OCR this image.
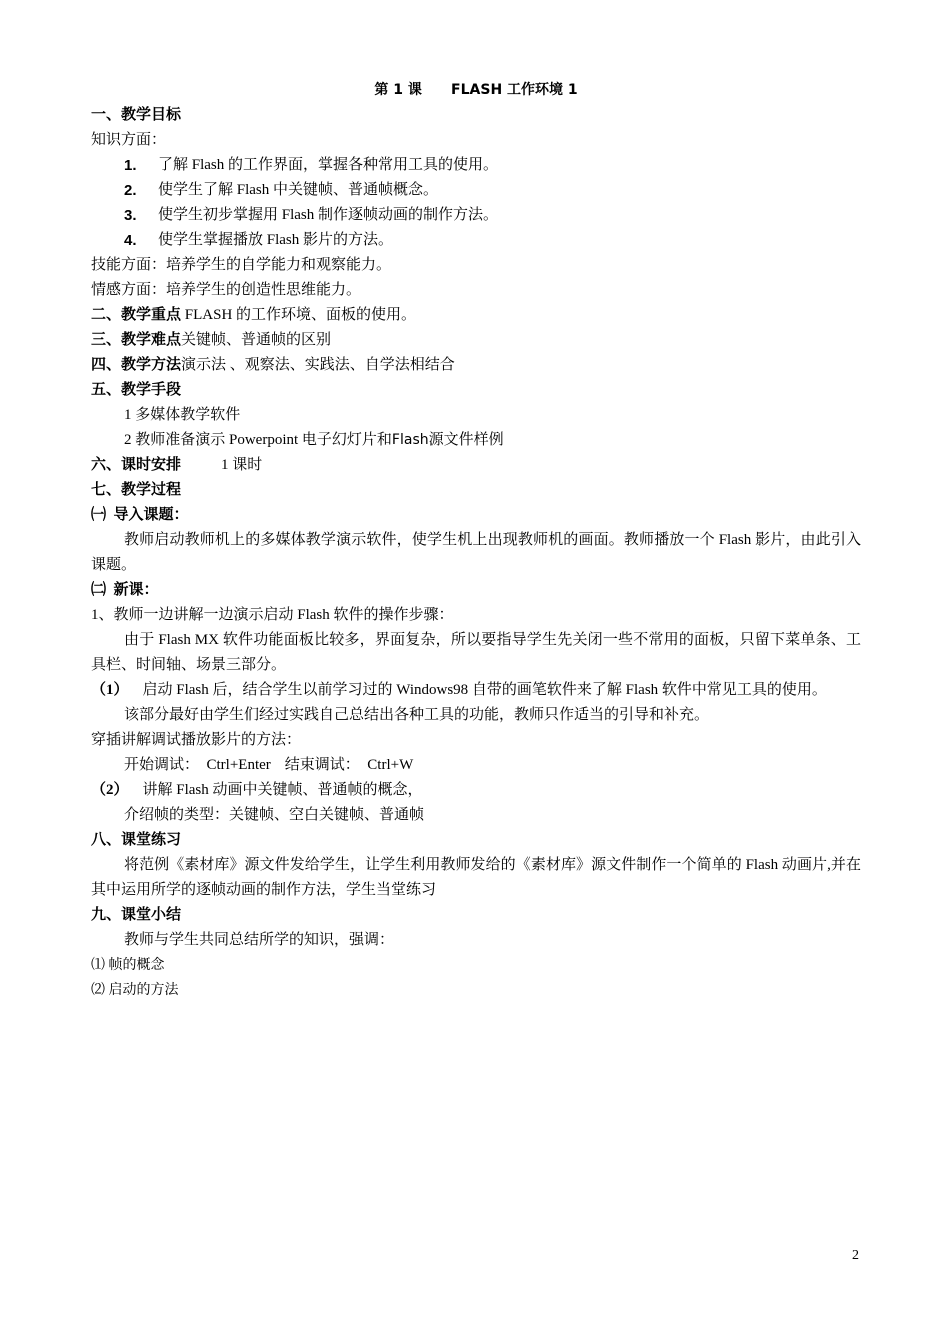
第 1 课      FLASH 工作环境 1
一、教学目标
知识方面：
1.	了解 Flash 的工作界面，掌握各种常用工具的使用。
2.	使学生了解 Flash 中关键帧、普通帧概念。
3.	使学生初步掌握用 Flash 制作逐帧动画的制作方法。
4.	使学生掌握播放 Flash 影片的方法。
技能方面：培养学生的自学能力和观察能力。
情感方面：培养学生的创造性思维能力。
二、教学重点 FLASH 的工作环境、面板的使用。
三、教学难点关键帧、普通帧的区别
四、教学方法演示法 、观察法、实践法、自学法相结合
五、教学手段
1 多媒体教学软件
2 教师准备演示 Powerpoint 电子幻灯片和Flash源文件样例
六、课时安排	1 课时
七、教学过程
㈠  导入课题：
教师启动教师机上的多媒体教学演示软件，使学生机上出现教师机的画面。教师播放一个 Flash 影片，由此引入课题。
㈡  新课：
1、教师一边讲解一边演示启动 Flash 软件的操作步骤：
由于 Flash MX 软件功能面板比较多，界面复杂，所以要指导学生先关闭一些不常用的面板，只留下菜单条、工具栏、时间轴、场景三部分。
（1） 启动 Flash 后，结合学生以前学习过的 Windows98 自带的画笔软件来了解 Flash 软件中常见工具的使用。
该部分最好由学生们经过实践自己总结出各种工具的功能，教师只作适当的引导和补充。
穿插讲解调试播放影片的方法：
开始调试：  Ctrl+Enter 结束调试：  Ctrl+W
（2） 讲解 Flash 动画中关键帧、普通帧的概念，
介绍帧的类型：关键帧、空白关键帧、普通帧
八、课堂练习
将范例《素材库》源文件发给学生，让学生利用教师发给的《素材库》源文件制作一个简单的 Flash 动画片,并在其中运用所学的逐帧动画的制作方法，学生当堂练习
九、课堂小结
教师与学生共同总结所学的知识，强调：
⑴ 帧的概念
⑵ 启动的方法
2
